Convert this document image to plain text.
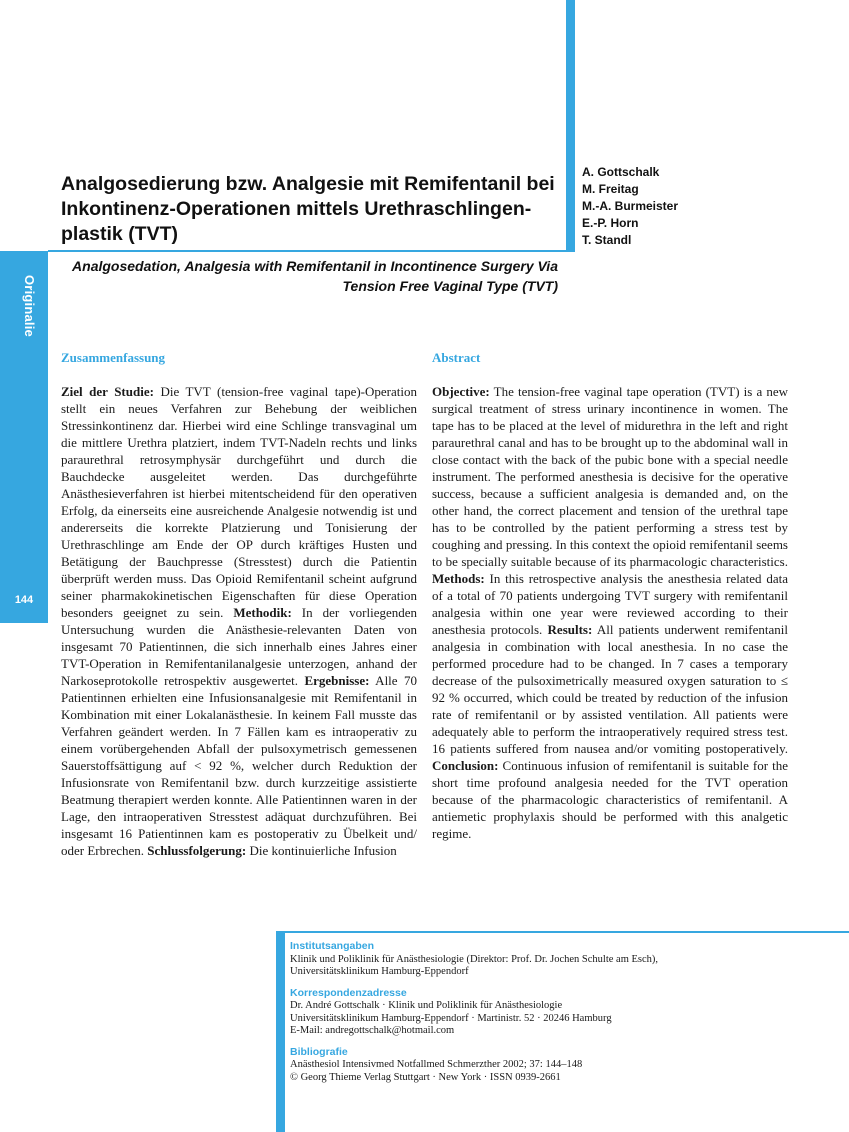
Originalie
144
Analgosedierung bzw. Analgesie mit Remifentanil bei Inkontinenz-Operationen mittels Urethraschlingen-plastik (TVT)
A. Gottschalk
M. Freitag
M.-A. Burmeister
E.-P. Horn
T. Standl

Analgosedation, Analgesia with Remifentanil in Incontinence Surgery Via Tension Free Vaginal Type (TVT)

Zusammenfassung	Abstract

Ziel der Studie: Die TVT (tension-free vaginal tape)-Operation stellt ein neues Verfahren zur Behebung der weiblichen Stressinkontinenz dar. Hierbei wird eine Schlinge transvaginal um die mittlere Urethra platziert, indem TVT-Nadeln rechts und links paraurethral retrosymphysär durchgeführt und durch die Bauchdecke ausgeleitet werden. Das durchgeführte Anästhesieverfahren ist hierbei mitentscheidend für den operativen Erfolg, da einerseits eine ausreichende Analgesie notwendig ist und andererseits die korrekte Platzierung und Tonisierung der Urethraschlinge am Ende der OP durch kräftiges Husten und Betätigung der Bauchpresse (Stresstest) durch die Patientin überprüft werden muss. Das Opioid Remifentanil scheint aufgrund seiner pharmakokinetischen Eigenschaften für diese Operation besonders geeignet zu sein. Methodik: In der vorliegenden Untersuchung wurden die Anästhesie-relevanten Daten von insgesamt 70 Patientinnen, die sich innerhalb eines Jahres einer TVT-Operation in Remifentanilanalgesie unterzogen, anhand der Narkoseprotokolle retrospektiv ausgewertet. Ergebnisse: Alle 70 Patientinnen erhielten eine Infusionsanalgesie mit Remifentanil in Kombination mit einer Lokalanästhesie. In keinem Fall musste das Verfahren geändert werden. In 7 Fällen kam es intraoperativ zu einem vorübergehenden Abfall der pulsoxymetrisch gemessenen Sauerstoffsättigung auf < 92 %, welcher durch Reduktion der Infusionsrate von Remifentanil bzw. durch kurzzeitige assistierte Beatmung therapiert werden konnte. Alle Patientinnen waren in der Lage, den intraoperativen Stresstest adäquat durchzuführen. Bei insgesamt 16 Patientinnen kam es postoperativ zu Übelkeit und/ oder Erbrechen. Schlussfolgerung: Die kontinuierliche Infusion

Objective: The tension-free vaginal tape operation (TVT) is a new surgical treatment of stress urinary incontinence in women. The tape has to be placed at the level of midurethra in the left and right paraurethral canal and has to be brought up to the abdominal wall in close contact with the back of the pubic bone with a special needle instrument. The performed anesthesia is decisive for the operative success, because a sufficient analgesia is demanded and, on the other hand, the correct placement and tension of the urethral tape has to be controlled by the patient performing a stress test by coughing and pressing. In this context the opioid remifentanil seems to be specially suitable because of its pharmacologic characteristics. Methods: In this retrospective analysis the anesthesia related data of a total of 70 patients undergoing TVT surgery with remifentanil analgesia within one year were reviewed according to their anesthesia protocols. Results: All patients underwent remifentanil analgesia in combination with local anesthesia. In no case the performed procedure had to be changed. In 7 cases a temporary decrease of the pulsoximetrically measured oxygen saturation to ≤ 92 % occurred, which could be treated by reduction of the infusion rate of remifentanil or by assisted ventilation. All patients were adequately able to perform the intraoperatively required stress test. 16 patients suffered from nausea and/or vomiting postoperatively. Conclusion: Continuous infusion of remifentanil is suitable for the short time profound analgesia needed for the TVT operation because of the pharmacologic characteristics of remifentanil. A antiemetic prophylaxis should be performed with this analgetic regime.

Institutsangaben
Klinik und Poliklinik für Anästhesiologie (Direktor: Prof. Dr. Jochen Schulte am Esch),
Universitätsklinikum Hamburg-Eppendorf
Korrespondenzadresse
Dr. André Gottschalk · Klinik und Poliklinik für Anästhesiologie
Universitätsklinikum Hamburg-Eppendorf · Martinistr. 52 · 20246 Hamburg
E-Mail: andregottschalk@hotmail.com
Bibliografie
Anästhesiol Intensivmed Notfallmed Schmerzther 2002; 37: 144–148
© Georg Thieme Verlag Stuttgart · New York · ISSN 0939-2661
